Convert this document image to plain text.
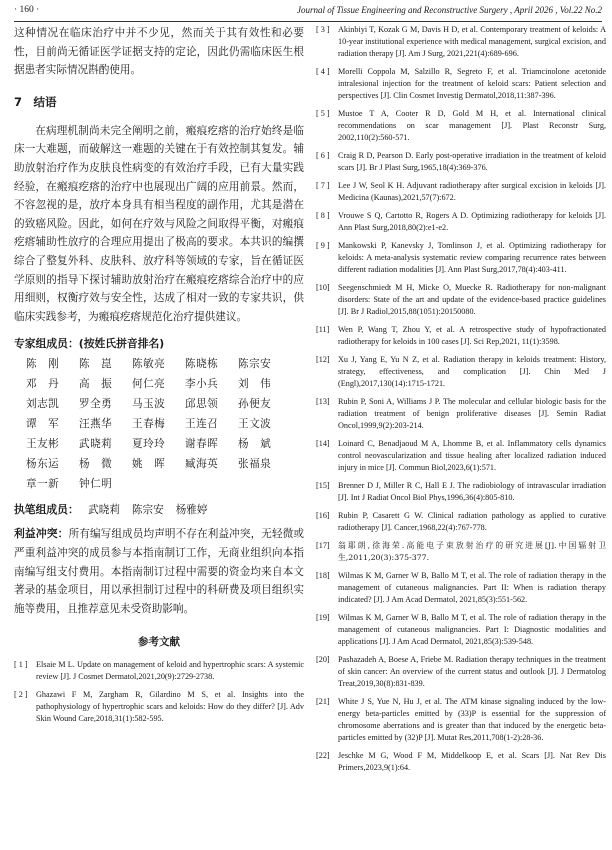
· 160 ·	Journal of Tissue Engineering and Reconstructive Surgery , April 2026 , Vol.22 No.2

这种情况在临床治疗中并不少见，然而关于其有效性和必要性，目前尚无循证医学证据支持的定论，因此仍需临床医生根据患者实际情况斟酌使用。

7　结语

在病理机制尚未完全阐明之前，瘢痕疙瘩的治疗始终是临床一大难题，而破解这一难题的关键在于有效控制其复发。辅助放射治疗作为皮肤良性病变的有效治疗手段，已有大量实践经验，在瘢痕疙瘩的治疗中也展现出广阔的应用前景。然而，不容忽视的是，放疗本身具有相当程度的副作用，尤其是潜在的致癌风险。因此，如何在疗效与风险之间取得平衡，对瘢痕疙瘩辅助性放疗的合理应用提出了极高的要求。本共识的编撰综合了整复外科、皮肤科、放疗科等领域的专家，旨在循证医学原则的指导下探讨辅助放射治疗在瘢痕疙瘩综合治疗中的应用细则，权衡疗效与安全性，达成了相对一致的专家共识，供临床实践参考，为瘢痕疙瘩规范化治疗提供建议。

专家组成员：(按姓氏拼音排名)
陈　刚	陈　崑	陈敏亮	陈晓栋	陈宗安
邓　丹	高　振	何仁亮	李小兵	刘　伟
刘志凯	罗全勇	马玉波	邱思领	孙便友
谭　军	汪燕华	王春梅	王连召	王文波
王友彬	武晓莉	夏玲玲	谢春晖	杨　斌
杨东运	杨　微	姚　晖	臧海英	张福泉
章一新	钟仁明
执笔组成员： 武晓莉 陈宗安 杨雅婷

利益冲突：所有编写组成员均声明不存在利益冲突，无轻微或严重利益冲突的成员参与本指南制订工作，无商业组织向本指南编写组支付费用。本指南制订过程中需要的资金均来自本文著录的基金项目，用以承担制订过程中的科研费及项目组织实施等费用，且推荐意见未受资助影响。

参考文献
[ 1 ]	Elsaie M L. Update on management of keloid and hypertrophic scars: A systemic review [J]. J Cosmet Dermatol,2021,20(9):2729-2738.
[ 2 ]	Ghazawi F M, Zargham R, Gilardino M S, et al. Insights into the pathophysiology of hypertrophic scars and keloids: How do they differ? [J]. Adv Skin Wound Care,2018,31(1):582-595.
[ 3 ]	Akinbiyi T, Kozak G M, Davis H D, et al. Contemporary treatment of keloids: A 10-year institutional experience with medical management, surgical excision, and radiation therapy [J]. Am J Surg, 2021,221(4):689-696.
[ 4 ]	Morelli Coppola M, Salzillo R, Segreto F, et al. Triamcinolone acetonide intralesional injection for the treatment of keloid scars: Patient selection and perspectives [J]. Clin Cosmet Investig Dermatol,2018,11:387-396.
[ 5 ]	Mustoe T A, Cooter R D, Gold M H, et al. International clinical recommendations on scar management [J]. Plast Reconstr Surg, 2002,110(2):560-571.
[ 6 ]	Craig R D, Pearson D. Early post-operative irradiation in the treatment of keloid scars [J]. Br J Plast Surg,1965,18(4):369-376.
[ 7 ]	Lee J W, Seol K H. Adjuvant radiotherapy after surgical excision in keloids [J]. Medicina (Kaunas),2021,57(7):672.
[ 8 ]	Vrouwe S Q, Cartotto R, Rogers A D. Optimizing radiotherapy for keloids [J]. Ann Plast Surg,2018,80(2):e1-e2.
[ 9 ]	Mankowski P, Kanevsky J, Tomlinson J, et al. Optimizing radiotherapy for keloids: A meta-analysis systematic review comparing recurrence rates between different radiation modalities [J]. Ann Plast Surg,2017,78(4):403-411.
[10]	Seegenschmiedt M H, Micke O, Muecke R. Radiotherapy for non-malignant disorders: State of the art and update of the evidence-based practice guidelines [J]. Br J Radiol,2015,88(1051):20150080.
[11]	Wen P, Wang T, Zhou Y, et al. A retrospective study of hypofractionated radiotherapy for keloids in 100 cases [J]. Sci Rep,2021, 11(1):3598.
[12]	Xu J, Yang E, Yu N Z, et al. Radiation therapy in keloids treatment: History, strategy, effectiveness, and complication [J]. Chin Med J (Engl),2017,130(14):1715-1721.
[13]	Rubin P, Soni A, Williams J P. The molecular and cellular biologic basis for the radiation treatment of benign proliferative diseases [J]. Semin Radiat Oncol,1999,9(2):203-214.
[14]	Loinard C, Benadjaoud M A, Lhomme B, et al. Inflammatory cells dynamics control neovascularization and tissue healing after localized radiation induced injury in mice [J]. Commun Biol,2023,6(1):571.
[15]	Brenner D J, Miller R C, Hall E J. The radiobiology of intravascular irradiation [J]. Int J Radiat Oncol Biol Phys,1996,36(4):805-810.
[16]	Rubin P, Casarett G W. Clinical radiation pathology as applied to curative radiotherapy [J]. Cancer,1968,22(4):767-778.
[17]	翁耶朗,徐海荣.高能电子束放射治疗的研究进展[J].中国辐射卫生,2011,20(3):375-377.
[18]	Wilmas K M, Garner W B, Ballo M T, et al. The role of radiation therapy in the management of cutaneous malignancies. Part II: When is radiation therapy indicated? [J]. J Am Acad Dermatol, 2021,85(3):551-562.
[19]	Wilmas K M, Garner W B, Ballo M T, et al. The role of radiation therapy in the management of cutaneous malignancies. Part I: Diagnostic modalities and applications [J]. J Am Acad Dermatol, 2021,85(3):539-548.
[20]	Pashazadeh A, Boese A, Friebe M. Radiation therapy techniques in the treatment of skin cancer: An overview of the current status and outlook [J]. J Dermatolog Treat,2019,30(8):831-839.
[21]	White J S, Yue N, Hu J, et al. The ATM kinase signaling induced by the low-energy beta-particles emitted by (33)P is essential for the suppression of chromosome aberrations and is greater than that induced by the energetic beta-particles emitted by (32)P [J]. Mutat Res,2011,708(1-2):28-36.
[22]	Jeschke M G, Wood F M, Middelkoop E, et al. Scars [J]. Nat Rev Dis Primers,2023,9(1):64.
